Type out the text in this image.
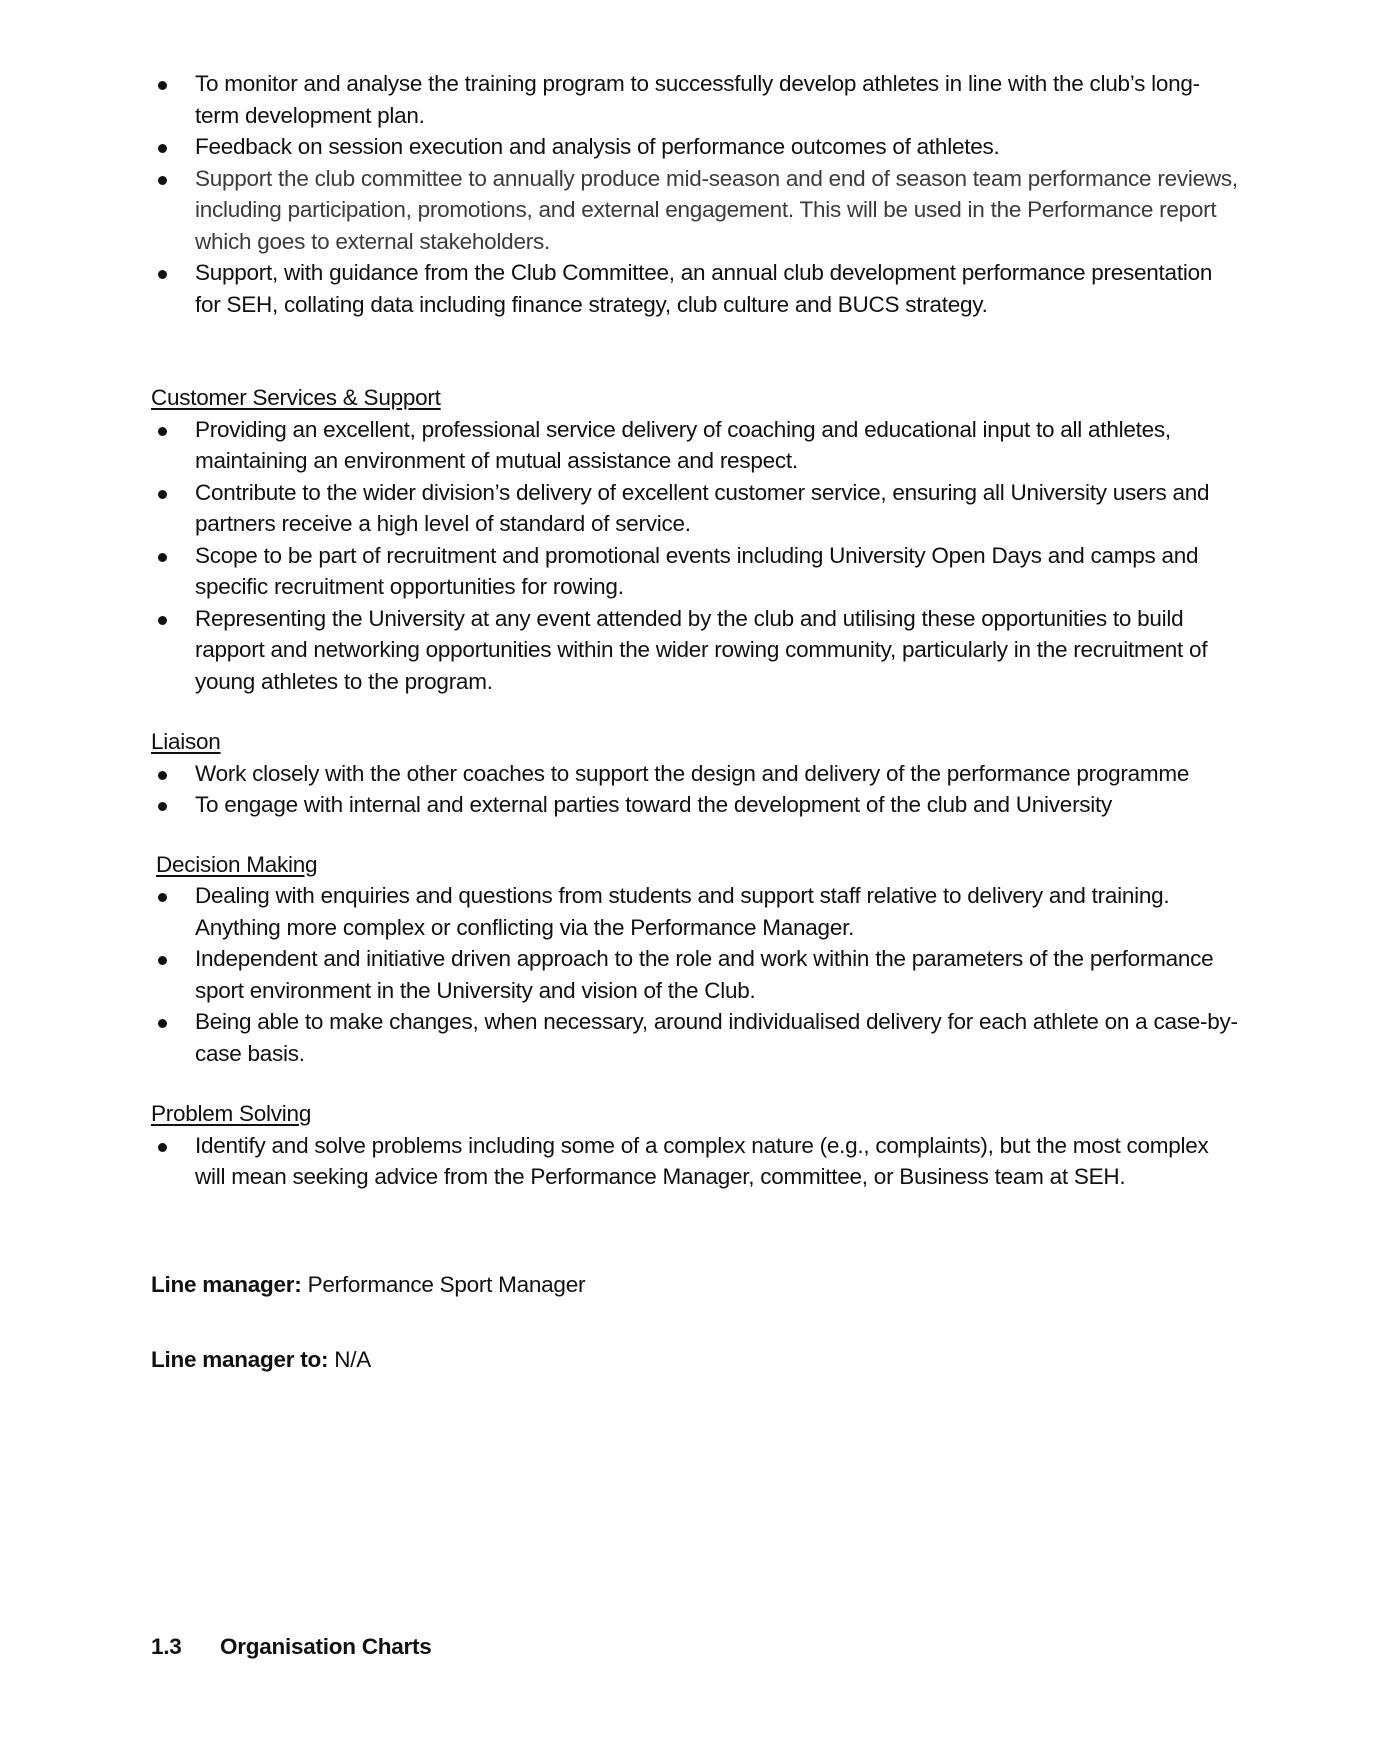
To monitor and analyse the training program to successfully develop athletes in line with the club’s long-term development plan.
Feedback on session execution and analysis of performance outcomes of athletes.
Support the club committee to annually produce mid-season and end of season team performance reviews, including participation, promotions, and external engagement. This will be used in the Performance report which goes to external stakeholders.
Support, with guidance from the Club Committee, an annual club development performance presentation for SEH, collating data including finance strategy, club culture and BUCS strategy.

Customer Services & Support

Providing an excellent, professional service delivery of coaching and educational input to all athletes, maintaining an environment of mutual assistance and respect.
Contribute to the wider division’s delivery of excellent customer service, ensuring all University users and partners receive a high level of standard of service.
Scope to be part of recruitment and promotional events including University Open Days and camps and specific recruitment opportunities for rowing.
Representing the University at any event attended by the club and utilising these opportunities to build rapport and networking opportunities within the wider rowing community, particularly in the recruitment of young athletes to the program.

Liaison

Work closely with the other coaches to support the design and delivery of the performance programme
To engage with internal and external parties toward the development of the club and University

Decision Making

Dealing with enquiries and questions from students and support staff relative to delivery and training. Anything more complex or conflicting via the Performance Manager.
Independent and initiative driven approach to the role and work within the parameters of the performance sport environment in the University and vision of the Club.
Being able to make changes, when necessary, around individualised delivery for each athlete on a case-by-case basis.

Problem Solving

Identify and solve problems including some of a complex nature (e.g., complaints), but the most complex will mean seeking advice from the Performance Manager, committee, or Business team at SEH.

Line manager: Performance Sport Manager

Line manager to: N/A

1.3 Organisation Charts
